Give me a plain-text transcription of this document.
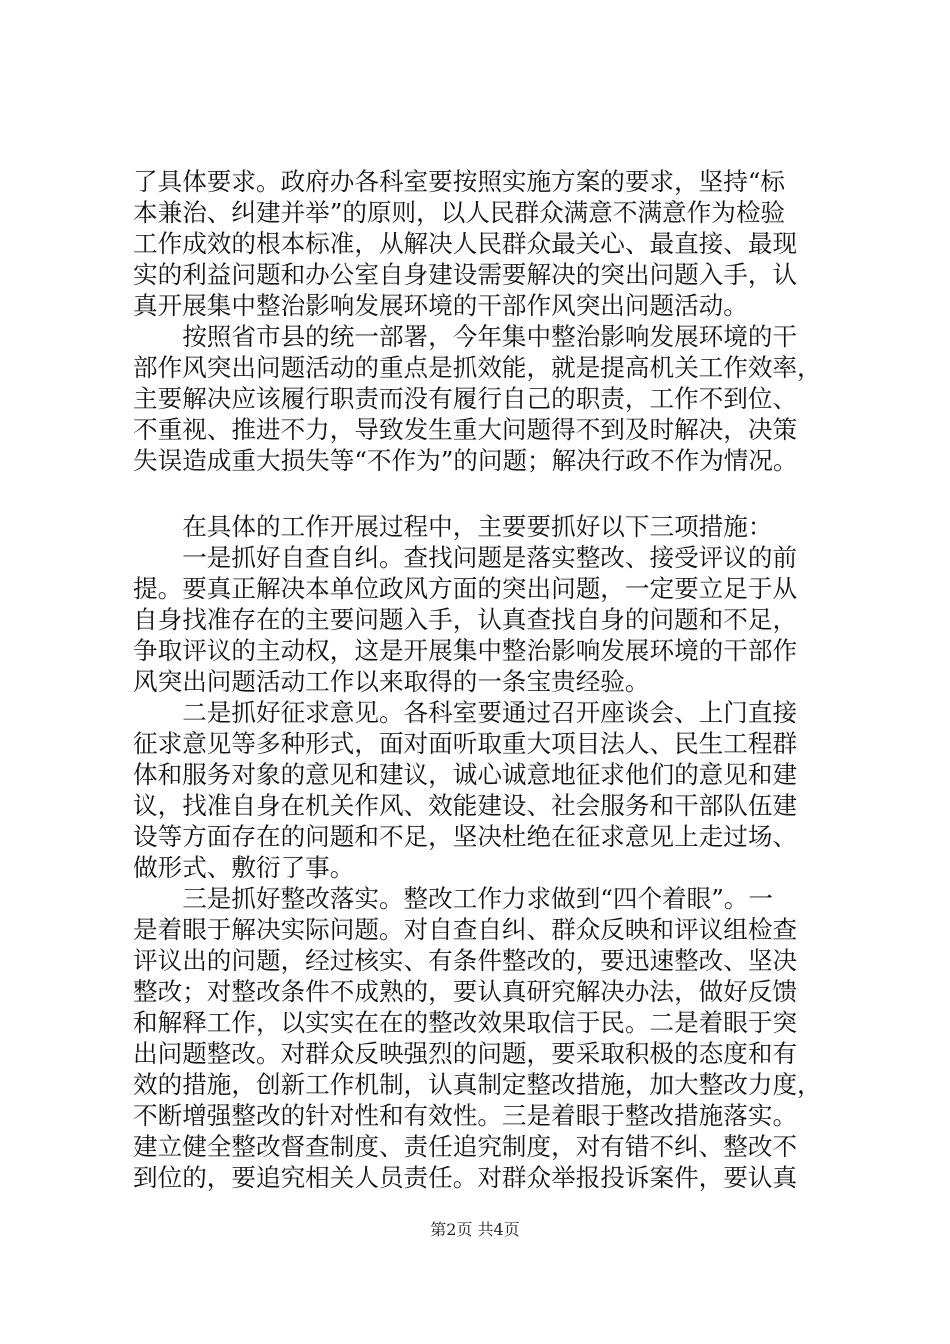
了具体要求。政府办各科室要按照实施方案的要求，坚持“标
本兼治、纠建并举”的原则，以人民群众满意不满意作为检验
工作成效的根本标准，从解决人民群众最关心、最直接、最现
实的利益问题和办公室自身建设需要解决的突出问题入手，认
真开展集中整治影响发展环境的干部作风突出问题活动。
　　按照省市县的统一部署，今年集中整治影响发展环境的干
部作风突出问题活动的重点是抓效能，就是提高机关工作效率，
主要解决应该履行职责而没有履行自己的职责，工作不到位、
不重视、推进不力，导致发生重大问题得不到及时解决，决策
失误造成重大损失等“不作为”的问题；解决行政不作为情况。
　　在具体的工作开展过程中，主要要抓好以下三项措施：
　　一是抓好自查自纠。查找问题是落实整改、接受评议的前
提。要真正解决本单位政风方面的突出问题，一定要立足于从
自身找准存在的主要问题入手，认真查找自身的问题和不足，
争取评议的主动权，这是开展集中整治影响发展环境的干部作
风突出问题活动工作以来取得的一条宝贵经验。
　　二是抓好征求意见。各科室要通过召开座谈会、上门直接
征求意见等多种形式，面对面听取重大项目法人、民生工程群
体和服务对象的意见和建议，诚心诚意地征求他们的意见和建
议，找准自身在机关作风、效能建设、社会服务和干部队伍建
设等方面存在的问题和不足，坚决杜绝在征求意见上走过场、
做形式、敷衍了事。
　　三是抓好整改落实。整改工作力求做到“四个着眼”。一
是着眼于解决实际问题。对自查自纠、群众反映和评议组检查
评议出的问题，经过核实、有条件整改的，要迅速整改、坚决
整改；对整改条件不成熟的，要认真研究解决办法，做好反馈
和解释工作，以实实在在的整改效果取信于民。二是着眼于突
出问题整改。对群众反映强烈的问题，要采取积极的态度和有
效的措施，创新工作机制，认真制定整改措施，加大整改力度，
不断增强整改的针对性和有效性。三是着眼于整改措施落实。
建立健全整改督查制度、责任追究制度，对有错不纠、整改不
到位的，要追究相关人员责任。对群众举报投诉案件，要认真
第2页 共4页
